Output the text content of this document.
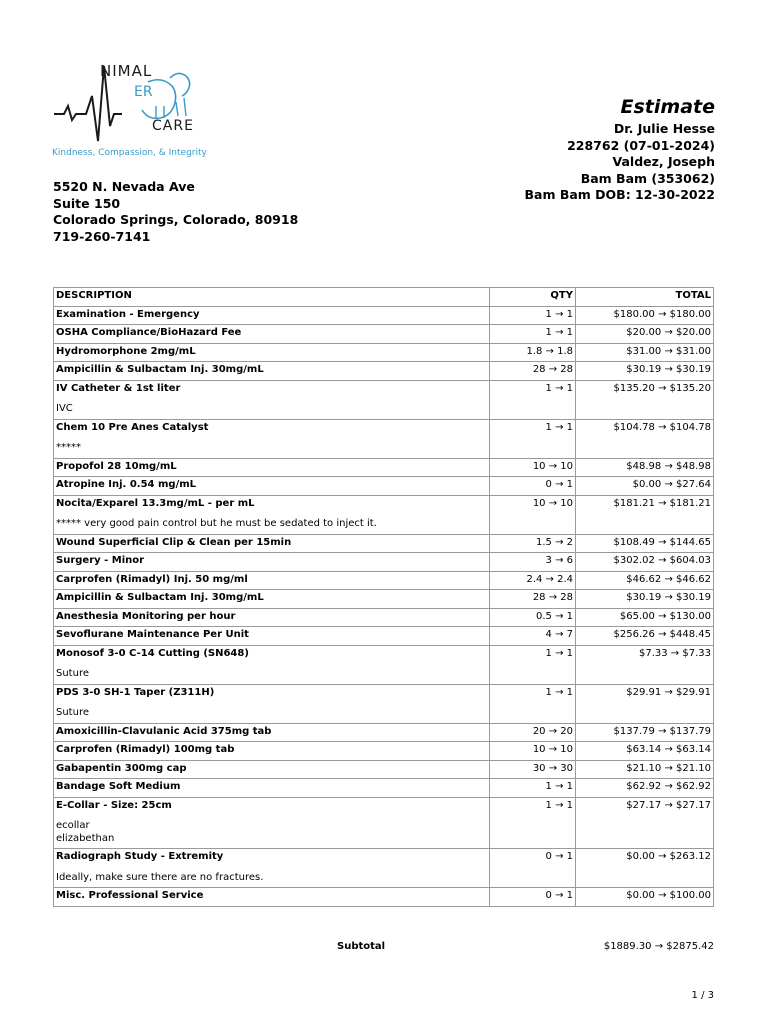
NIMAL
ER
CARE
Kindness, Compassion, & Integrity
5520 N. Nevada Ave
Suite 150
Colorado Springs, Colorado, 80918
719-260-7141
Estimate
Dr. Julie Hesse
228762 (07-01-2024)
Valdez, Joseph
Bam Bam (353062)
Bam Bam DOB: 12-30-2022
DESCRIPTION	QTY	TOTAL

Examination - Emergency	1 → 1	$180.00 → $180.00

OSHA Compliance/BioHazard Fee	1 → 1	$20.00 → $20.00

Hydromorphone 2mg/mL	1.8 → 1.8	$31.00 → $31.00

Ampicillin & Sulbactam Inj. 30mg/mL	28 → 28	$30.19 → $30.19

IV Catheter & 1st liter
IVC	1 → 1	$135.20 → $135.20

Chem 10 Pre Anes Catalyst
*****	1 → 1	$104.78 → $104.78

Propofol 28 10mg/mL	10 → 10	$48.98 → $48.98

Atropine Inj. 0.54 mg/mL	0 → 1	$0.00 → $27.64

Nocita/Exparel 13.3mg/mL - per mL
***** very good pain control but he must be sedated to inject it.	10 → 10	$181.21 → $181.21

Wound Superficial Clip & Clean per 15min	1.5 → 2	$108.49 → $144.65

Surgery - Minor	3 → 6	$302.02 → $604.03

Carprofen (Rimadyl) Inj. 50 mg/ml	2.4 → 2.4	$46.62 → $46.62

Ampicillin & Sulbactam Inj. 30mg/mL	28 → 28	$30.19 → $30.19

Anesthesia Monitoring per hour	0.5 → 1	$65.00 → $130.00

Sevoflurane Maintenance Per Unit	4 → 7	$256.26 → $448.45

Monosof 3-0 C-14 Cutting (SN648)
Suture	1 → 1	$7.33 → $7.33

PDS 3-0 SH-1 Taper (Z311H)
Suture	1 → 1	$29.91 → $29.91

Amoxicillin-Clavulanic Acid 375mg tab	20 → 20	$137.79 → $137.79

Carprofen (Rimadyl) 100mg tab	10 → 10	$63.14 → $63.14

Gabapentin 300mg cap	30 → 30	$21.10 → $21.10

Bandage Soft Medium	1 → 1	$62.92 → $62.92

E-Collar - Size: 25cm
ecollar
elizabethan	1 → 1	$27.17 → $27.17

Radiograph Study - Extremity
Ideally, make sure there are no fractures.	0 → 1	$0.00 → $263.12

Misc. Professional Service	0 → 1	$0.00 → $100.00
Subtotal	$1889.30 → $2875.42
1 / 3
